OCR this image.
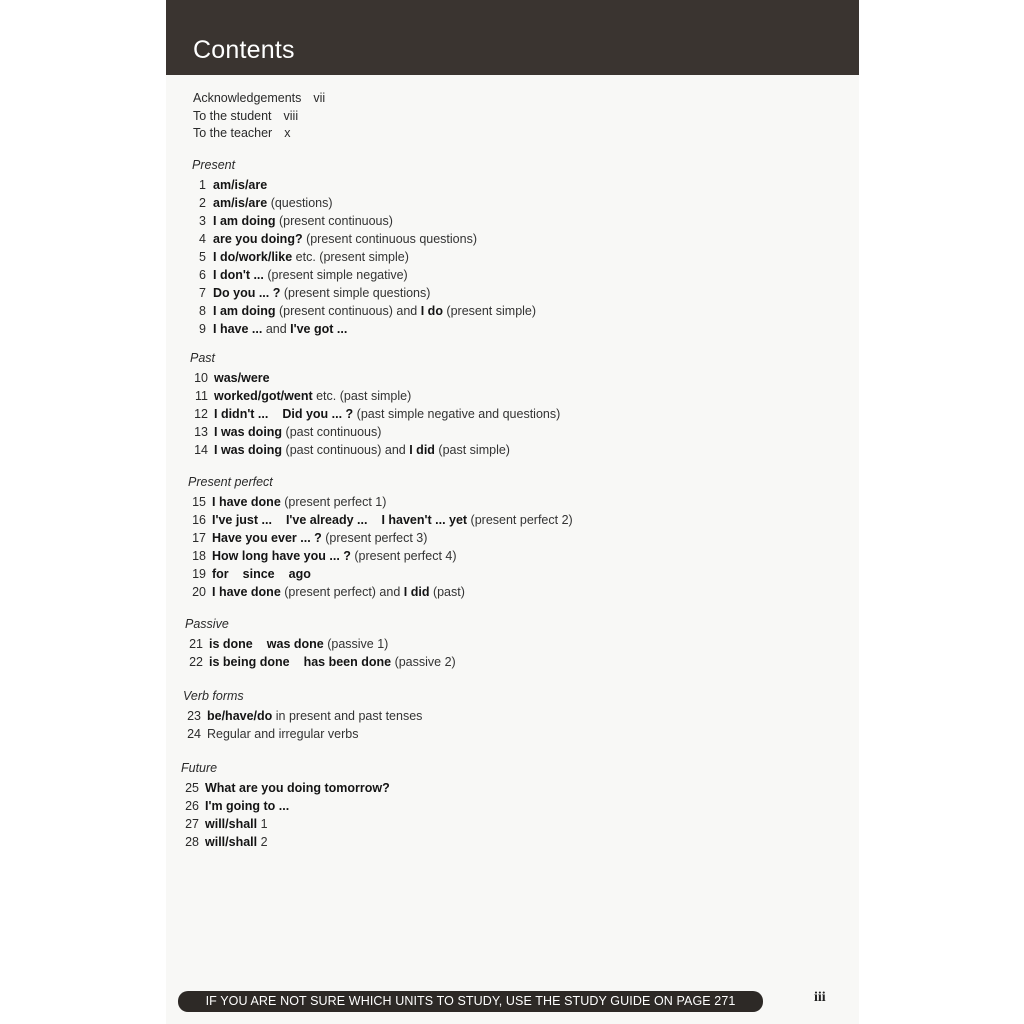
Contents
Acknowledgements vii
To the student viii
To the teacher x
Present
1 am/is/are
2 am/is/are (questions)
3 I am doing (present continuous)
4 are you doing? (present continuous questions)
5 I do/work/like etc. (present simple)
6 I don't ... (present simple negative)
7 Do you ... ? (present simple questions)
8 I am doing (present continuous) and I do (present simple)
9 I have ... and I've got ...
Past
10 was/were
11 worked/got/went etc. (past simple)
12 I didn't ... Did you ... ? (past simple negative and questions)
13 I was doing (past continuous)
14 I was doing (past continuous) and I did (past simple)
Present perfect
15 I have done (present perfect 1)
16 I've just ... I've already ... I haven't ... yet (present perfect 2)
17 Have you ever ... ? (present perfect 3)
18 How long have you ... ? (present perfect 4)
19 for since ago
20 I have done (present perfect) and I did (past)
Passive
21 is done was done (passive 1)
22 is being done has been done (passive 2)
Verb forms
23 be/have/do in present and past tenses
24 Regular and irregular verbs
Future
25 What are you doing tomorrow?
26 I'm going to ...
27 will/shall 1
28 will/shall 2
IF YOU ARE NOT SURE WHICH UNITS TO STUDY, USE THE STUDY GUIDE ON PAGE 271	iii
